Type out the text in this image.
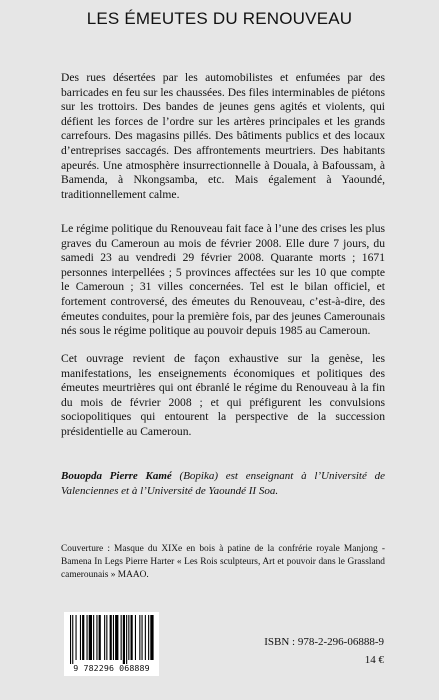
LES ÉMEUTES DU RENOUVEAU

Des rues désertées par les automobilistes et enfumées par des barricades en feu sur les chaussées. Des files interminables de piétons sur les trottoirs. Des bandes de jeunes gens agités et violents, qui défient les forces de l’ordre sur les artères principales et les grands carrefours. Des magasins pillés. Des bâtiments publics et des locaux d’entreprises saccagés. Des affrontements meurtriers. Des habitants apeurés. Une atmosphère insurrectionnelle à Douala, à Bafoussam, à Bamenda, à Nkongsamba, etc. Mais également à Yaoundé, traditionnellement calme.

Le régime politique du Renouveau fait face à l’une des crises les plus graves du Cameroun au mois de février 2008. Elle dure 7 jours, du samedi 23 au vendredi 29 février 2008. Quarante morts ; 1671 personnes interpellées ; 5 provinces affectées sur les 10 que compte le Cameroun ; 31 villes concernées. Tel est le bilan officiel, et fortement controversé, des émeutes du Renouveau, c’est-à-dire, des émeutes conduites, pour la première fois, par des jeunes Camerounais nés sous le régime politique au pouvoir depuis 1985 au Cameroun.

Cet ouvrage revient de façon exhaustive sur la genèse, les manifestations, les enseignements économiques et politiques des émeutes meurtrières qui ont ébranlé le régime du Renouveau à la fin du mois de février 2008 ; et qui préfigurent les convulsions sociopolitiques qui entourent la perspective de la succession présidentielle au Cameroun.

Bouopda Pierre Kamé (Bopika) est enseignant à l’Université de Valenciennes et à l’Université de Yaoundé II Soa.

Couverture : Masque du XIXe en bois à patine de la confrérie royale Manjong - Bamena In Legs Pierre Harter « Les Rois sculpteurs, Art et pouvoir dans le Grassland camerounais » MAAO.

9 782296 068889
ISBN : 978-2-296-06888-9
14 €
